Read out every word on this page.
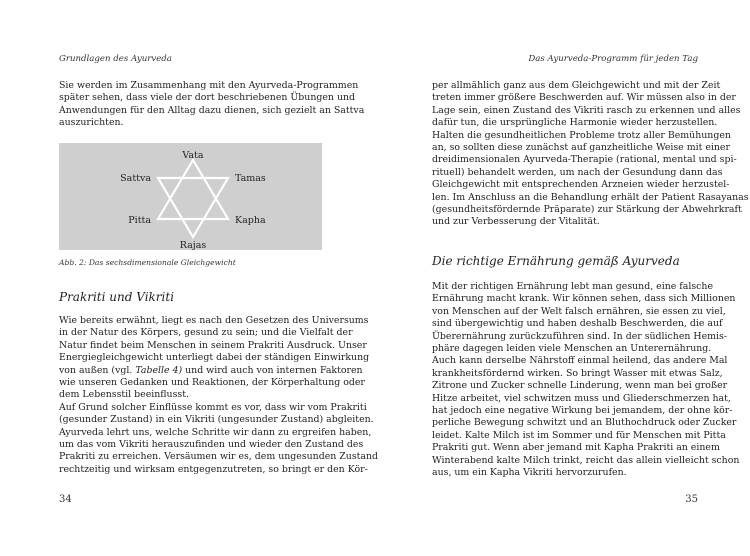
Grundlagen des Ayurveda
Sie werden im Zusammenhang mit den Ayurveda-Programmen
später sehen, dass viele der dort beschriebenen Übungen und
Anwendungen für den Alltag dazu dienen, sich gezielt an Sattva
auszurichten.
Vata
Sattva	Tamas
Pitta	Kapha
Rajas
Abb. 2: Das sechsdimensionale Gleichgewicht
Prakriti und Vikriti
Wie bereits erwähnt, liegt es nach den Gesetzen des Universums
in der Natur des Körpers, gesund zu sein; und die Vielfalt der
Natur findet beim Menschen in seinem Prakriti Ausdruck. Unser
Energiegleichgewicht unterliegt dabei der ständigen Einwirkung
von außen (vgl. Tabelle 4) und wird auch von internen Faktoren
wie unseren Gedanken und Reaktionen, der Körperhaltung oder
dem Lebensstil beeinflusst.
Auf Grund solcher Einflüsse kommt es vor, dass wir vom Prakriti
(gesunder Zustand) in ein Vikriti (ungesunder Zustand) abgleiten.
Ayurveda lehrt uns, welche Schritte wir dann zu ergreifen haben,
um das vom Vikriti herauszufinden und wieder den Zustand des
Prakriti zu erreichen. Versäumen wir es, dem ungesunden Zustand
rechtzeitig und wirksam entgegenzutreten, so bringt er den Kör-
34
Das Ayurveda-Programm für jeden Tag
per allmählich ganz aus dem Gleichgewicht und mit der Zeit
treten immer größere Beschwerden auf. Wir müssen also in der
Lage sein, einen Zustand des Vikriti rasch zu erkennen und alles
dafür tun, die ursprüngliche Harmonie wieder herzustellen.
Halten die gesundheitlichen Probleme trotz aller Bemühungen
an, so sollten diese zunächst auf ganzheitliche Weise mit einer
dreidimensionalen Ayurveda-Therapie (rational, mental und spi-
rituell) behandelt werden, um nach der Gesundung dann das
Gleichgewicht mit entsprechenden Arzneien wieder herzustel-
len. Im Anschluss an die Behandlung erhält der Patient Rasayanas
(gesundheitsfördernde Präparate) zur Stärkung der Abwehrkraft
und zur Verbesserung der Vitalität.
Die richtige Ernährung gemäß Ayurveda
Mit der richtigen Ernährung lebt man gesund, eine falsche
Ernährung macht krank. Wir können sehen, dass sich Millionen
von Menschen auf der Welt falsch ernähren, sie essen zu viel,
sind übergewichtig und haben deshalb Beschwerden, die auf
Überernährung zurückzuführen sind. In der südlichen Hemis-
phäre dagegen leiden viele Menschen an Unterernährung.
Auch kann derselbe Nährstoff einmal heilend, das andere Mal
krankheitsfördernd wirken. So bringt Wasser mit etwas Salz,
Zitrone und Zucker schnelle Linderung, wenn man bei großer
Hitze arbeitet, viel schwitzen muss und Gliederschmerzen hat,
hat jedoch eine negative Wirkung bei jemandem, der ohne kör-
perliche Bewegung schwitzt und an Bluthochdruck oder Zucker
leidet. Kalte Milch ist im Sommer und für Menschen mit Pitta
Prakriti gut. Wenn aber jemand mit Kapha Prakriti an einem
Winterabend kalte Milch trinkt, reicht das allein vielleicht schon
aus, um ein Kapha Vikriti hervorzurufen.
35
